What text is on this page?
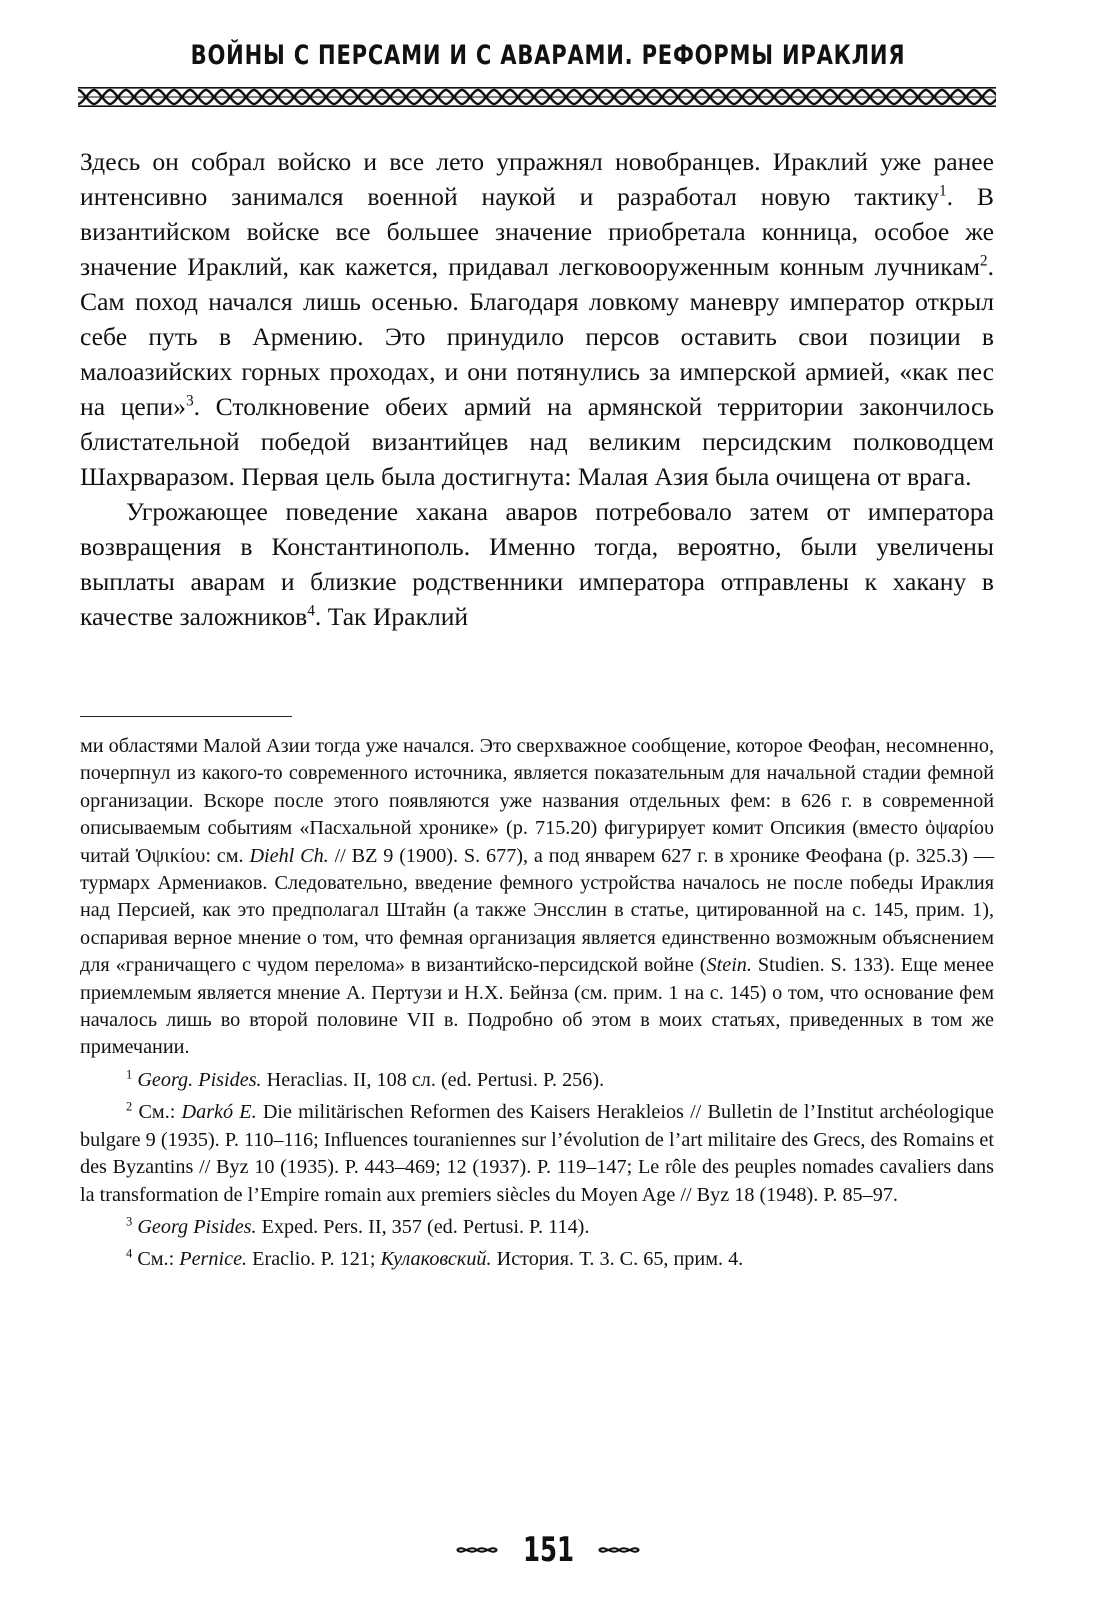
ВОЙНЫ С ПЕРСАМИ И С АВАРАМИ. РЕФОРМЫ ИРАКЛИЯ

Здесь он собрал войско и все лето упражнял новобранцев. Ираклий уже ранее интенсивно занимался военной наукой и разработал новую тактику$^1$. В византийском войске все большее значение приобретала конница, особое же значение Ираклий, как кажется, придавал легковооруженным конным лучникам$^2$. Сам поход начался лишь осенью. Благодаря ловкому маневру император открыл себе путь в Армению. Это принудило персов оставить свои позиции в малоазийских горных проходах, и они потянулись за имперской армией, «как пес на цепи»$^3$. Столкновение обеих армий на армянской территории закончилось блистательной победой византийцев над великим персидским полководцем Шахрваразом. Первая цель была достигнута: Малая Азия была очищена от врага.

Угрожающее поведение хакана аваров потребовало затем от императора возвращения в Константинополь. Именно тогда, вероятно, были увеличены выплаты аварам и близкие родственники императора отправлены к хакану в качестве заложников$^4$. Так Ираклий

ми областями Малой Азии тогда уже начался. Это сверхважное сообщение, которое Феофан, несомненно, почерпнул из какого-то современного источника, является показательным для начальной стадии фемной организации. Вскоре после этого появляются уже названия отдельных фем: в 626 г. в современной описываемым событиям «Пасхальной хронике» (p. 715.20) фигурирует комит Опсикия (вместо ὀψαρίου читай Ὀψικίου: см. Diehl Ch. // BZ 9 (1900). S. 677), а под январем 627 г. в хронике Феофана (p. 325.3) — турмарх Армениаков. Следовательно, введение фемного устройства началось не после победы Ираклия над Персией, как это предполагал Штайн (а также Энсслин в статье, цитированной на с. 145, прим. 1), оспаривая верное мнение о том, что фемная организация является единственно возможным объяснением для «граничащего с чудом перелома» в византийско-персидской войне (Stein. Studien. S. 133). Еще менее приемлемым является мнение А. Пертузи и Н.Х. Бейнза (см. прим. 1 на с. 145) о том, что основание фем началось лишь во второй половине VII в. Подробно об этом в моих статьях, приведенных в том же примечании.

$^1$ Georg. Pisides. Heraclias. II, 108 сл. (ed. Pertusi. P. 256).

$^2$ См.: Darkó E. Die militärischen Reformen des Kaisers Herakleios // Bulletin de l’Institut archéologique bulgare 9 (1935). P. 110–116; Influences touraniennes sur l’évolution de l’art militaire des Grecs, des Romains et des Byzantins // Byz 10 (1935). P. 443–469; 12 (1937). P. 119–147; Le rôle des peuples nomades cavaliers dans la transformation de l’Empire romain aux premiers siècles du Moyen Age // Byz 18 (1948). P. 85–97.

$^3$ Georg Pisides. Exped. Pers. II, 357 (ed. Pertusi. P. 114).

$^4$ См.: Pernice. Eraclio. P. 121; Кулаковский. История. Т. 3. С. 65, прим. 4.

151
